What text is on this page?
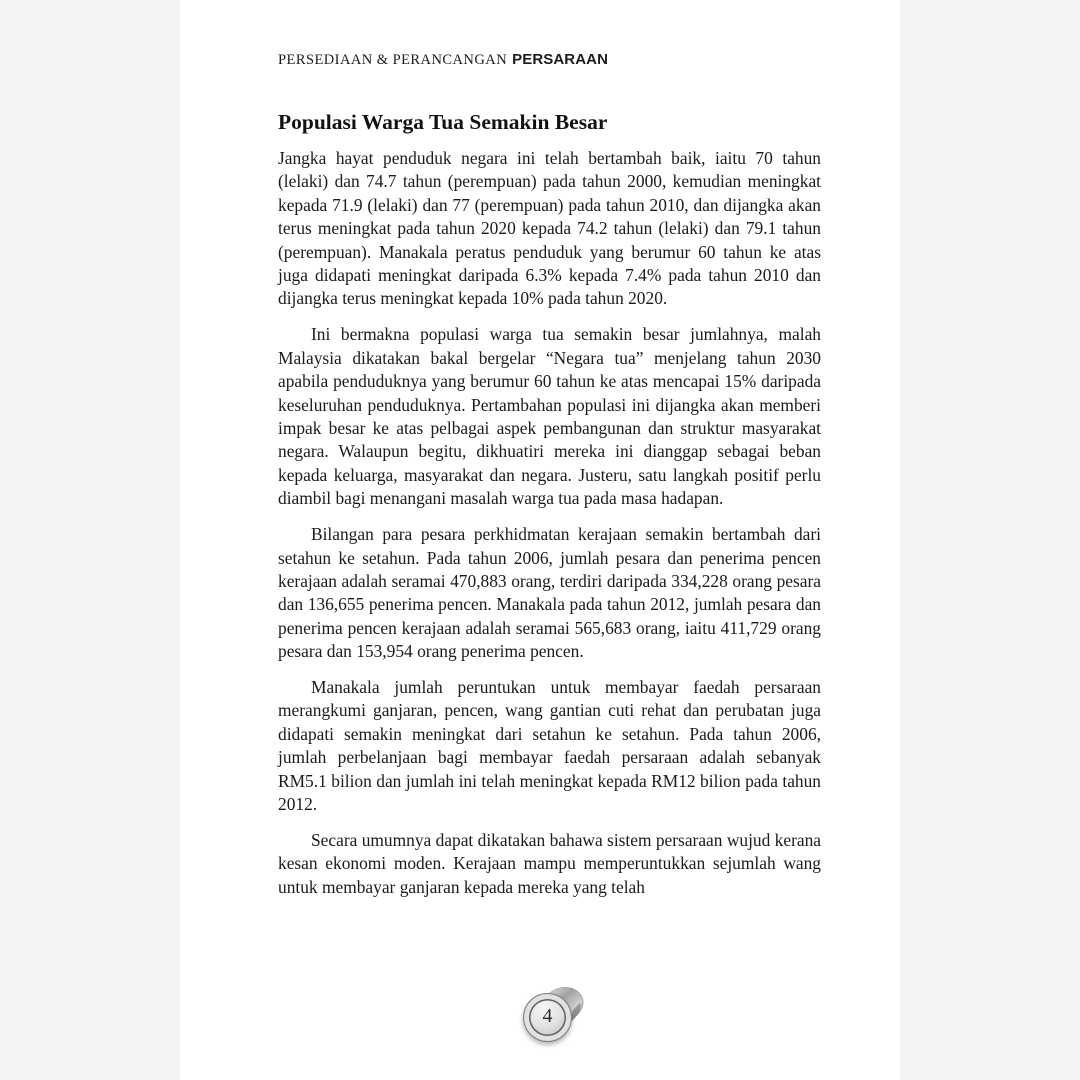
PERSEDIAAN & PERANCANGAN PERSARAAN
Populasi Warga Tua Semakin Besar

Jangka hayat penduduk negara ini telah bertambah baik, iaitu 70 tahun (lelaki) dan 74.7 tahun (perempuan) pada tahun 2000, kemudian meningkat kepada 71.9 (lelaki) dan 77 (perempuan) pada tahun 2010, dan dijangka akan terus meningkat pada tahun 2020 kepada 74.2 tahun (lelaki) dan 79.1 tahun (perempuan). Manakala peratus penduduk yang berumur 60 tahun ke atas juga didapati meningkat daripada 6.3% kepada 7.4% pada tahun 2010 dan dijangka terus meningkat kepada 10% pada tahun 2020.

Ini bermakna populasi warga tua semakin besar jumlahnya, malah Malaysia dikatakan bakal bergelar “Negara tua” menjelang tahun 2030 apabila penduduknya yang berumur 60 tahun ke atas mencapai 15% daripada keseluruhan penduduknya. Pertambahan populasi ini dijangka akan memberi impak besar ke atas pelbagai aspek pembangunan dan struktur masyarakat negara. Walaupun begitu, dikhuatiri mereka ini dianggap sebagai beban kepada keluarga, masyarakat dan negara. Justeru, satu langkah positif perlu diambil bagi menangani masalah warga tua pada masa hadapan.

Bilangan para pesara perkhidmatan kerajaan semakin bertambah dari setahun ke setahun. Pada tahun 2006, jumlah pesara dan penerima pencen kerajaan adalah seramai 470,883 orang, terdiri daripada 334,228 orang pesara dan 136,655 penerima pencen. Manakala pada tahun 2012, jumlah pesara dan penerima pencen kerajaan adalah seramai 565,683 orang, iaitu 411,729 orang pesara dan 153,954 orang penerima pencen.

Manakala jumlah peruntukan untuk membayar faedah persaraan merangkumi ganjaran, pencen, wang gantian cuti rehat dan perubatan juga didapati semakin meningkat dari setahun ke setahun. Pada tahun 2006, jumlah perbelanjaan bagi membayar faedah persaraan adalah sebanyak RM5.1 bilion dan jumlah ini telah meningkat kepada RM12 bilion pada tahun 2012.

Secara umumnya dapat dikatakan bahawa sistem persaraan wujud kerana kesan ekonomi moden. Kerajaan mampu memperuntukkan sejumlah wang untuk membayar ganjaran kepada mereka yang telah

4
